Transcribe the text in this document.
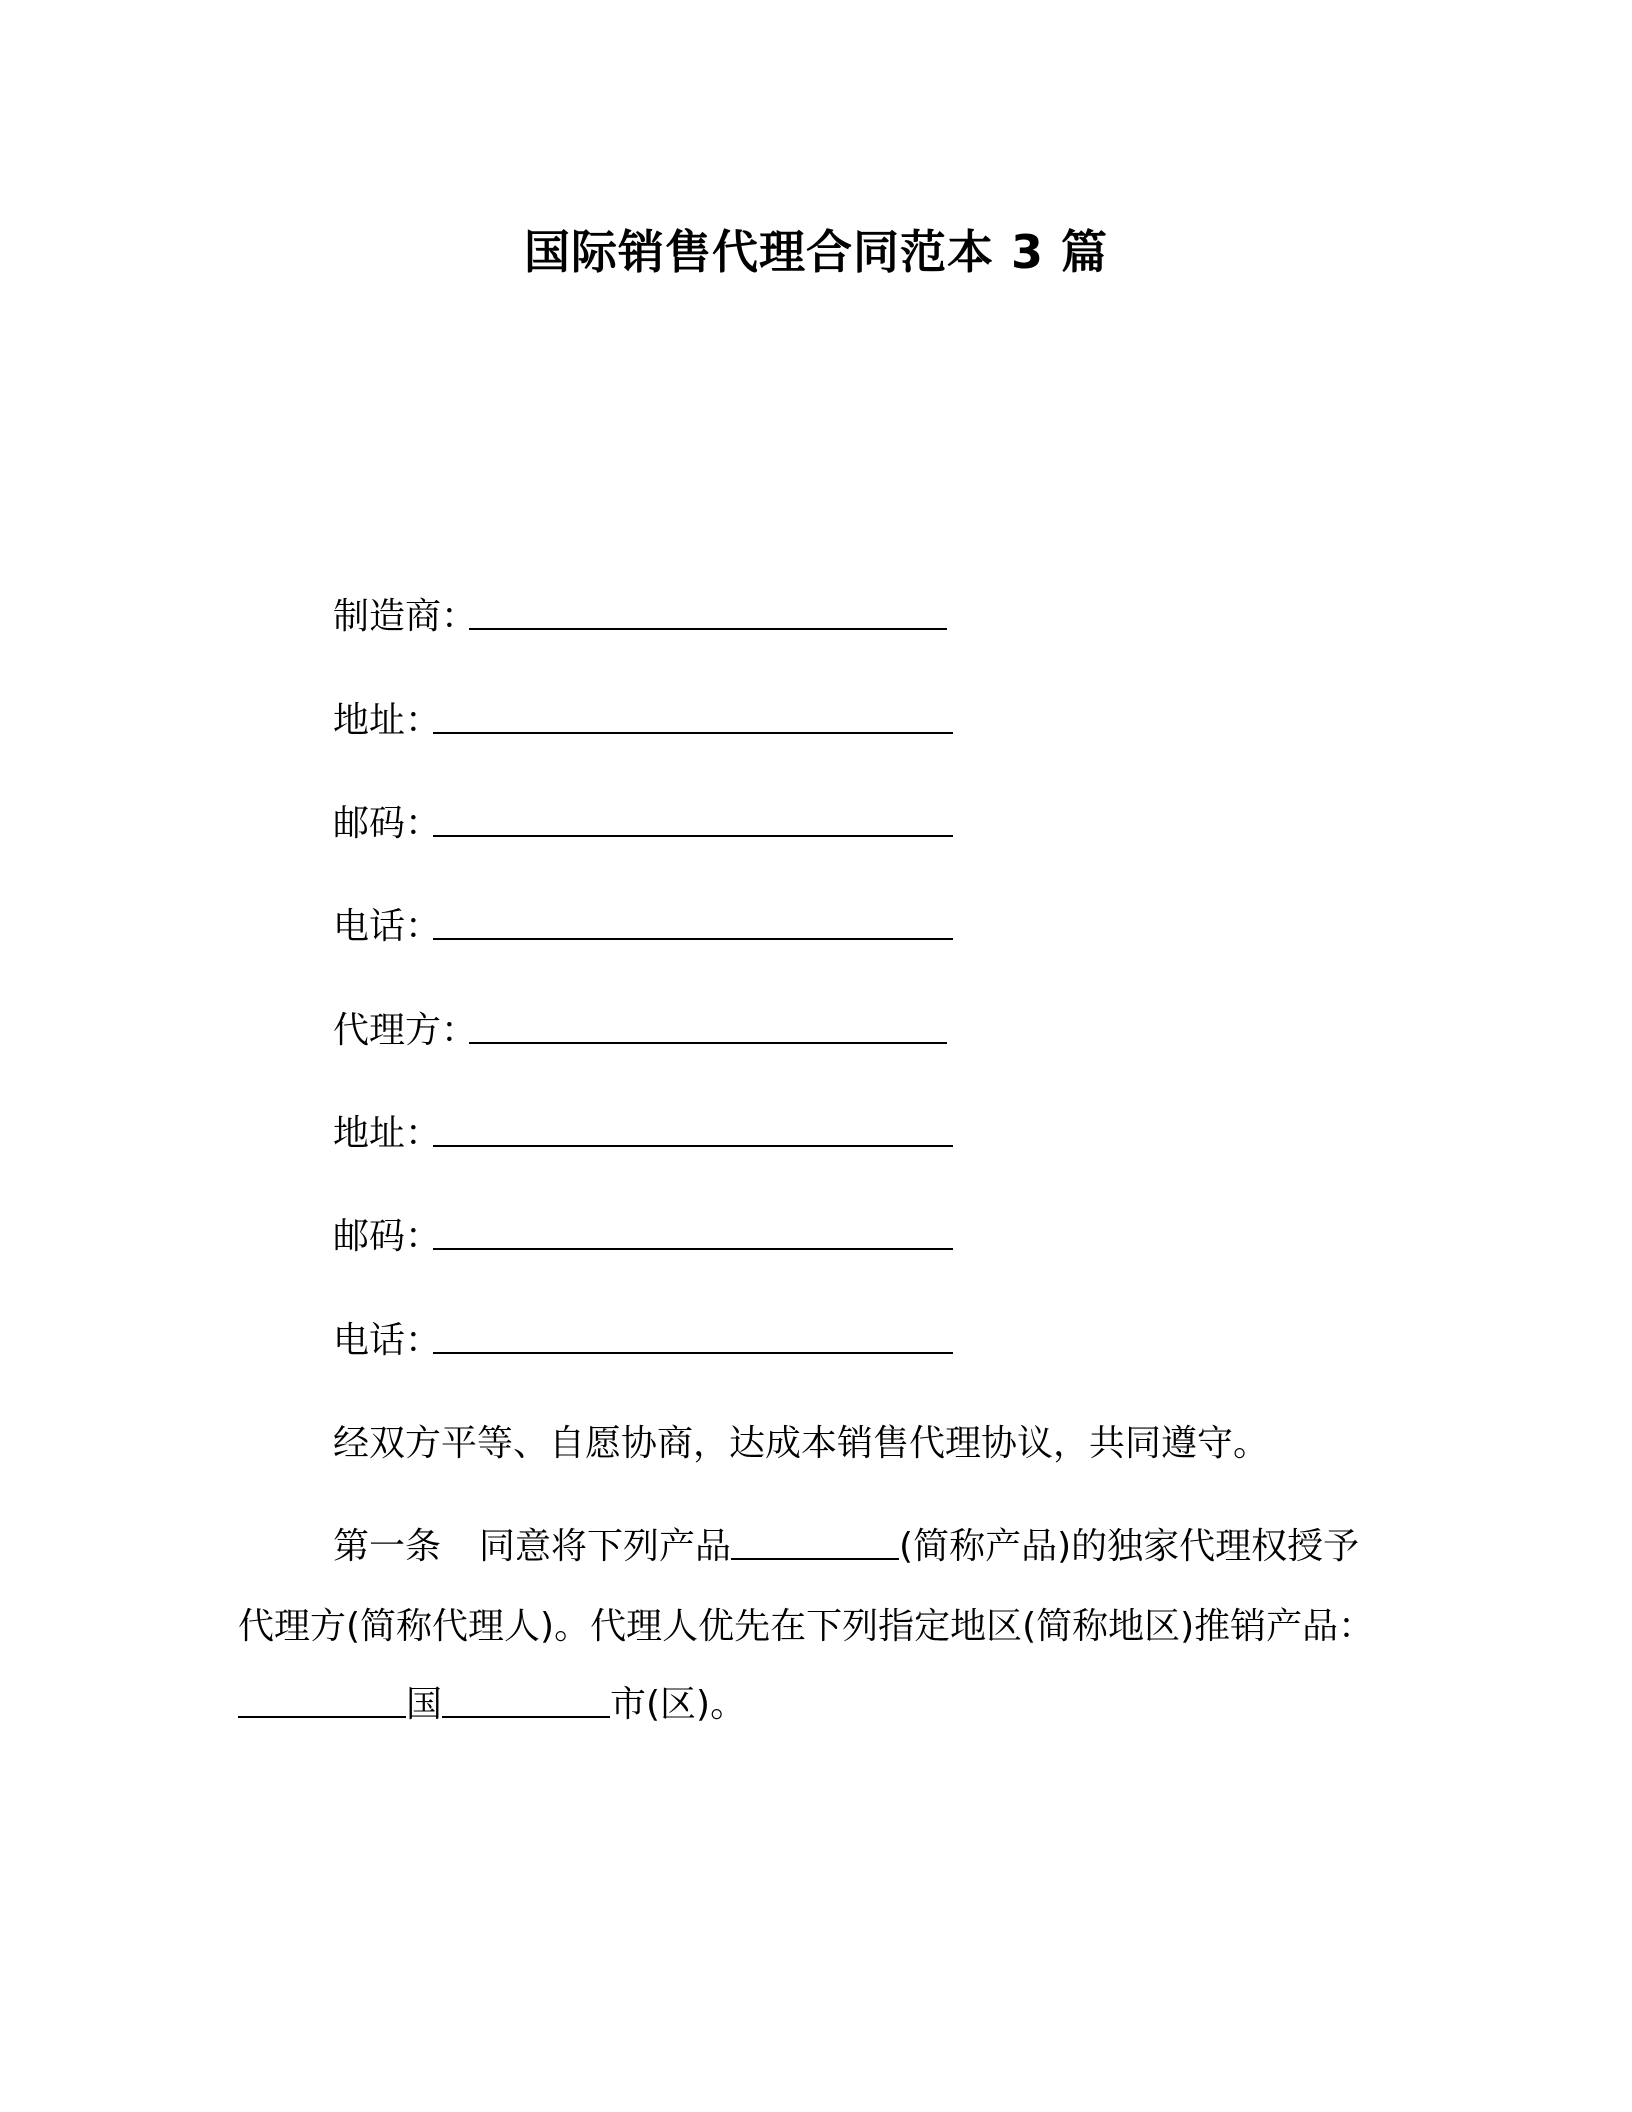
国际销售代理合同范本 3 篇
制造商：
地址：
邮码：
电话：
代理方：
地址：
邮码：
电话：
经双方平等、自愿协商，达成本销售代理协议，共同遵守。
第一条 同意将下列产品	(简称产品)的独家代理权授予
代理方(简称代理人)。代理人优先在下列指定地区(简称地区)推销产品：
国	市(区)。
